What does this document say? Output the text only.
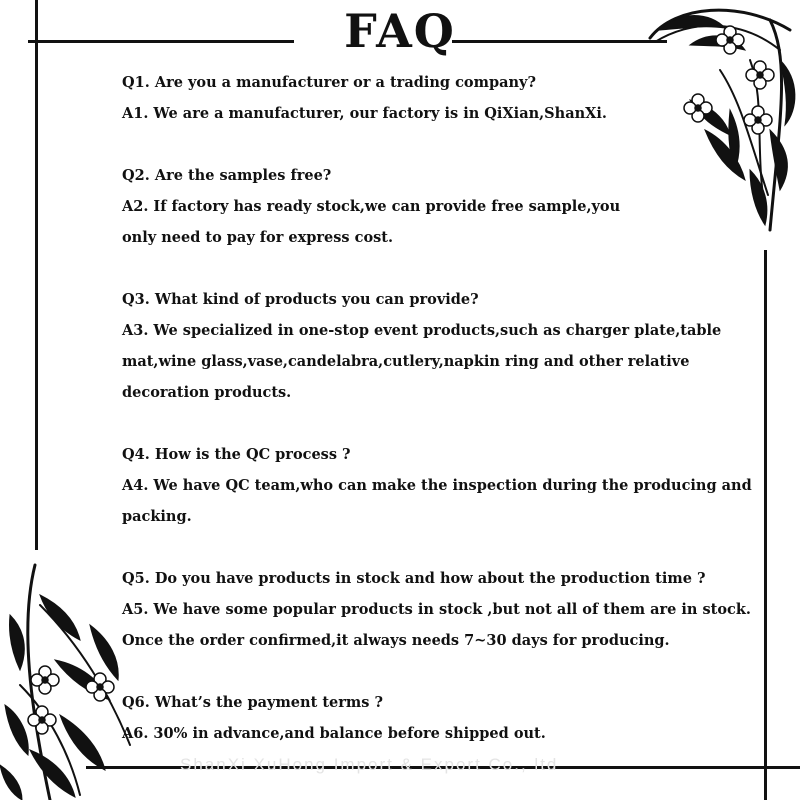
FAQ

Q1. Are you a manufacturer or a trading company?

A1. We are a manufacturer, our factory is in QiXian,ShanXi.

Q2. Are the samples free?

A2. If factory has ready stock,we can provide free sample,you

only need to pay for express cost.

Q3. What kind of products you can provide?

A3. We specialized in one-stop event products,such as charger plate,table

mat,wine glass,vase,candelabra,cutlery,napkin ring and other relative

decoration products.

Q4. How is the QC process ?

A4. We have QC team,who can make the inspection during the producing and

packing.

Q5. Do you have products in stock and how about the production time ?

A5. We have some popular products in stock ,but not all of them are in stock.

Once the order confirmed,it always needs 7~30 days for producing.

Q6. What’s the payment terms ?

A6. 30% in advance,and balance before shipped out.

ShanXi XuHong Import & Export Co., ltd
